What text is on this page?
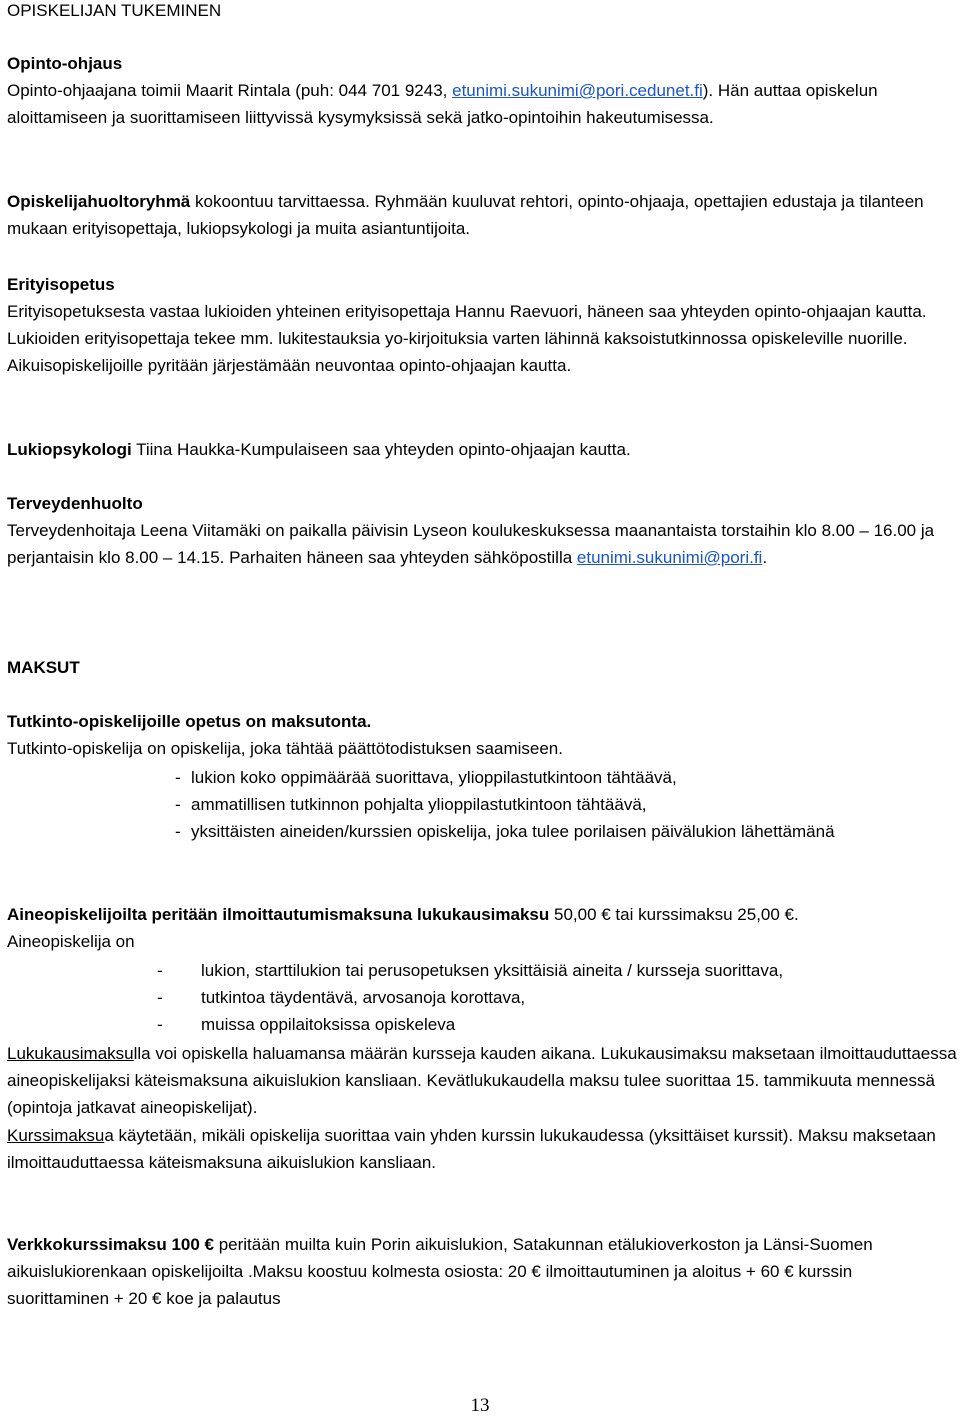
OPISKELIJAN TUKEMINEN
Opinto-ohjaus
Opinto-ohjaajana toimii Maarit Rintala (puh: 044 701 9243, etunimi.sukunimi@pori.cedunet.fi). Hän auttaa opiskelun aloittamiseen ja suorittamiseen liittyvissä kysymyksissä sekä jatko-opintoihin hakeutumisessa.
Opiskelijahuoltoryhmä kokoontuu tarvittaessa. Ryhmään kuuluvat rehtori, opinto-ohjaaja, opettajien edustaja ja tilanteen mukaan erityisopettaja, lukiopsykologi ja muita asiantuntijoita.
Erityisopetus
Erityisopetuksesta vastaa lukioiden yhteinen erityisopettaja Hannu Raevuori, häneen saa yhteyden opinto-ohjaajan kautta. Lukioiden erityisopettaja tekee mm. lukitestauksia yo-kirjoituksia varten lähinnä kaksoistutkinnossa opiskeleville nuorille. Aikuisopiskelijoille pyritään järjestämään neuvontaa opinto-ohjaajan kautta.
Lukiopsykologi Tiina Haukka-Kumpulaiseen saa yhteyden opinto-ohjaajan kautta.
Terveydenhuolto
Terveydenhoitaja Leena Viitamäki on paikalla päivisin Lyseon koulukeskuksessa maanantaista torstaihin klo 8.00 – 16.00 ja perjantaisin klo 8.00 – 14.15. Parhaiten häneen saa yhteyden sähköpostilla etunimi.sukunimi@pori.fi.
MAKSUT
Tutkinto-opiskelijoille opetus on maksutonta.
Tutkinto-opiskelija on opiskelija, joka tähtää päättötodistuksen saamiseen.
- lukion koko oppimäärää suorittava, ylioppilastutkintoon tähtäävä,
- ammatillisen tutkinnon pohjalta ylioppilastutkintoon tähtäävä,
- yksittäisten aineiden/kurssien opiskelija, joka tulee porilaisen päivälukion lähettämänä
Aineopiskelijoilta peritään ilmoittautumismaksuna lukukausimaksu 50,00 € tai kurssimaksu 25,00 €.
Aineopiskelija on
- lukion, starttilukion tai perusopetuksen yksittäisiä aineita / kursseja suorittava,
- tutkintoa täydentävä, arvosanoja korottava,
- muissa oppilaitoksissa opiskeleva
Lukukausimaksulla voi opiskella haluamansa määrän kursseja kauden aikana. Lukukausimaksu maksetaan ilmoittauduttaessa aineopiskelijaksi käteismaksuna aikuislukion kansliaan. Kevätlukukaudella maksu tulee suorittaa 15. tammikuuta mennessä (opintoja jatkavat aineopiskelijat).
Kurssimaksua käytetään, mikäli opiskelija suorittaa vain yhden kurssin lukukaudessa (yksittäiset kurssit). Maksu maksetaan ilmoittauduttaessa käteismaksuna aikuislukion kansliaan.
Verkkokurssimaksu 100 € peritään muilta kuin Porin aikuislukion, Satakunnan etälukioverkoston ja Länsi-Suomen aikuislukiorenkaan opiskelijoilta .Maksu koostuu kolmesta osiosta: 20 € ilmoittautuminen ja aloitus + 60 € kurssin suorittaminen + 20 € koe ja palautus
13
